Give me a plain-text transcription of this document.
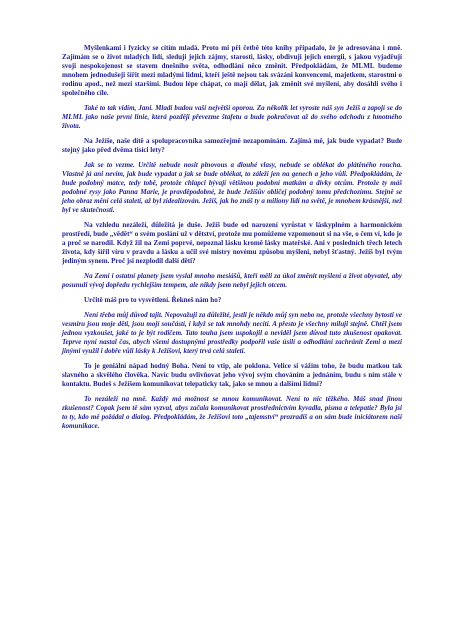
Myšlenkami i fyzicky se cítím mladá. Proto mi při četbě této knihy připadalo, že je adresována i mně. Zajímám se o život mladých lidí, sleduji jejich zájmy, starosti, lásky, obdivuji jejich energii, s jakou vyjadřují svoji nespokojenost se stavem dnešního světa, odhodlání něco změnit. Předpokládám, že MLML budeme mnohem jednodušeji šířit mezi mladými lidmi, kteří ještě nejsou tak svázáni konvencemi, majetkem, starostmi o rodinu apod., než mezi staršími. Budou lépe chápat, co mají dělat, jak změnit své myšlení, aby dosáhli svého i společného cíle.

Také to tak vidím, Jani. Mladí budou vaší největší oporou. Za několik let vyroste náš syn Ježíš a zapojí se do MLML jako naše první linie, která později převezme štafetu a bude pokračovat až do svého odchodu z hmotného života.

Na Ježíše, naše dítě a spolupracovníka samozřejmě nezapomínám. Zajímá mě, jak bude vypadat? Bude stejný jako před dvěma tisíci lety?

Jak se to vezme. Určitě nebude nosit plnovous a dlouhé vlasy, nebude se oblékat do plátěného roucha. Vlastně já ani nevím, jak bude vypadat a jak se bude oblékat, to záleží jen na genech a jeho vůli. Předpokládám, že bude podobný matce, tedy tobě, protože chlapci bývají většinou podobní matkám a dívky otcům. Protože ty máš podobné rysy jako Panna Marie, je pravděpodobné, že bude Ježíšův obličej podobný tomu předchozímu. Stejně se jeho obraz mění celá staletí, až byl zidealizován. Ježíš, jak ho znáš ty a miliony lidí na světě, je mnohem krásnější, než byl ve skutečnosti.

Na vzhledu nezáleží, důležitá je duše. Ježíš bude od narození vyrůstat v láskyplném a harmonickém prostředí, bude „vědět“ o svém poslání už v dětství, protože mu pomůžeme vzpomenout si na vše, o čem ví, kdo je a proč se narodil. Když žil na Zemi poprvé, nepoznal lásku kromě lásky mateřské. Ani v posledních třech letech života, kdy šířil víru v pravdu a lásku a učil své mistry novému způsobu myšlení, nebyl šťastný. Ježíš byl tvým jediným synem. Proč jsi nezplodil další děti?

Na Zemi i ostatní planety jsem vyslal mnoho mesiášů, kteří měli za úkol změnit myšlení a život obyvatel, aby posunuli vývoj dopředu rychlejším tempem, ale nikdy jsem nebyl jejich otcem.

Určitě máš pro to vysvětlení. Řekneš nám ho?

Není třeba můj důvod tajit. Nepovažuji za důležité, jestli je někdo můj syn nebo ne, protože všechny bytosti ve vesmíru jsou moje děti, jsou mojí součástí, i když se tak mnohdy necítí. A přesto je všechny miluji stejně. Chtěl jsem jednou vyzkoušet, jaké to je být rodičem. Tato touha jsem uspokojil a neviděl jsem důvod tuto zkušenost opakovat. Teprve nyní nastal čas, abych všemi dostupnými prostředky podpořil vaše úsilí a odhodlání zachránit Zemi a mezi jinými využil i dobře vůli lásky k Ježíšovi, který trvá celá staletí.

To je geniální nápad hodný Boha. Není to vtip, ale poklona. Velice si vážím toho, že budu matkou tak slavného a skvělého člověka. Navíc budu ovlivňovat jeho vývoj svým chováním a jednáním, budu s ním stále v kontaktu. Budeš s Ježíšem komunikovat telepaticky tak, jako se mnou a dalšími lidmi?

To nezáleží na mně. Každý má možnost se mnou komunikovat. Není to nic těžkého. Máš snad jinou zkušenost? Copak jsem tě sám vyzval, abys začala komunikovat prostřednictvím kyvadla, písma a telepatie? Byla jsi to ty, kdo mě požádal o dialog. Předpokládám, že Ježíšovi toto „tajemství“ prozradíš a on sám bude iniciátorem naší komunikace.
